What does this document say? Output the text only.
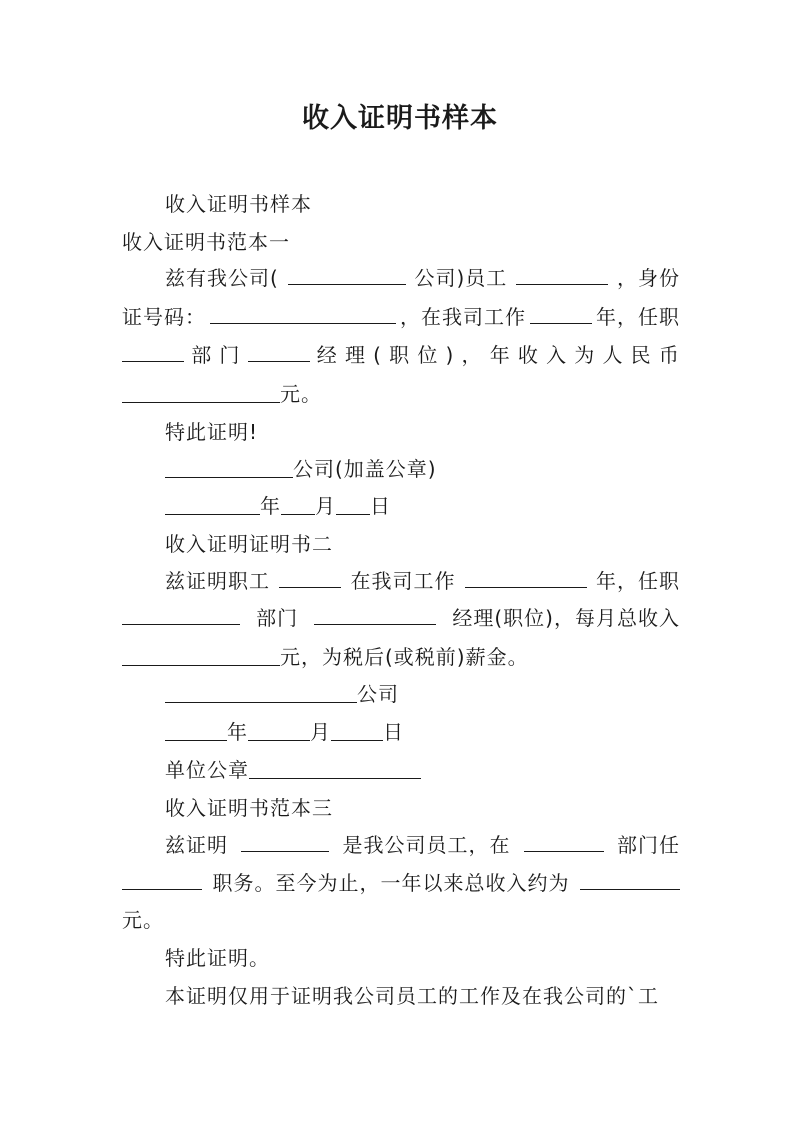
收入证明书样本
收入证明书样本
收入证明书范本一
兹有我公司(	公司)员工	，身份
证号码：	，在我司工作	年，任职
部 门	经 理 ( 职 位 ) ， 年 收 入 为 人 民 币
元。
特此证明!
公司(加盖公章)
年 月 日
收入证明证明书二
兹证明职工	在我司工作	年，任职
部门	经理(职位)，每月总收入
元，为税后(或税前)薪金。
公司
年	月	日
单位公章
收入证明书范本三
兹证明	是我公司员工，在	部门任
职务。至今为止，一年以来总收入约为
元。
特此证明。
本证明仅用于证明我公司员工的工作及在我公司的`工
